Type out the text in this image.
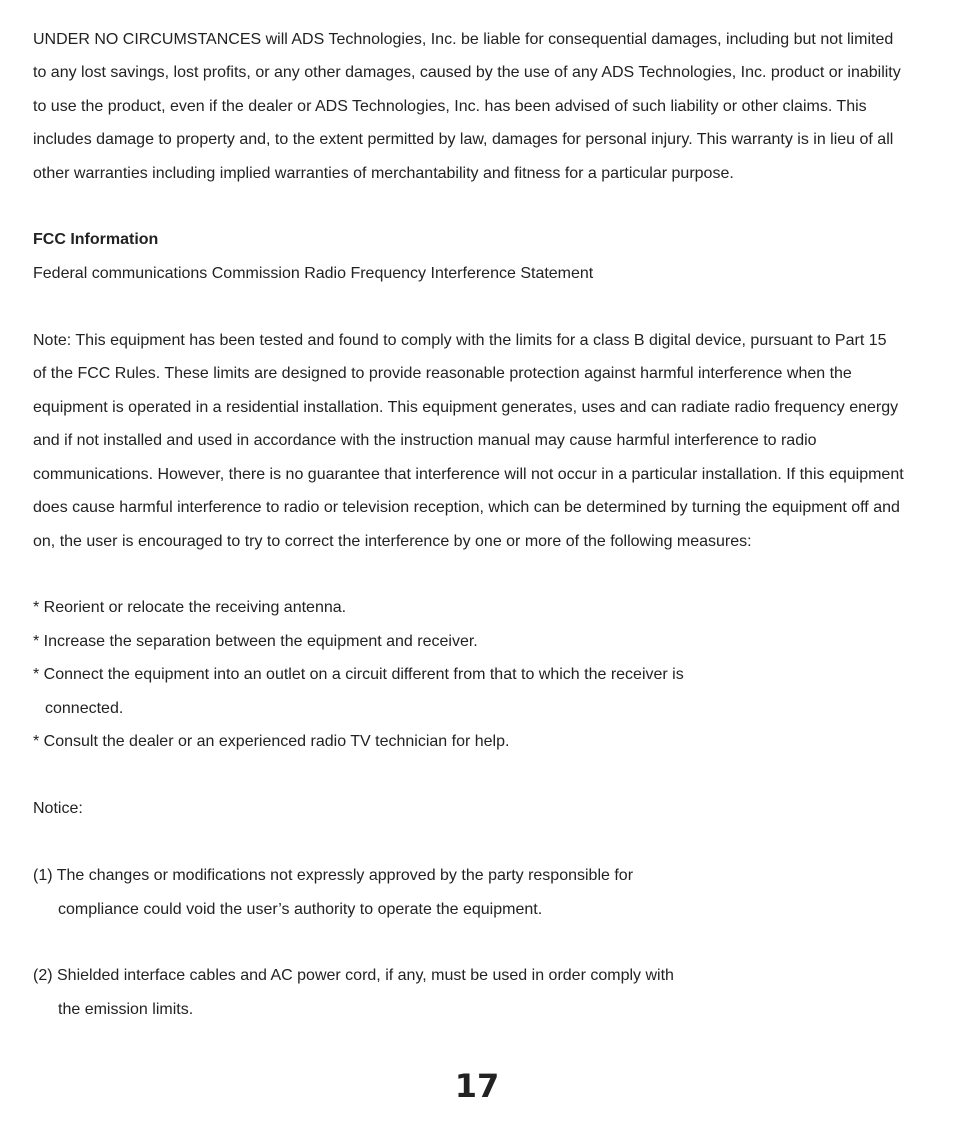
UNDER NO CIRCUMSTANCES will ADS Technologies, Inc. be liable for consequential damages, including but not limited

to any lost savings, lost profits, or any other damages, caused by the use of any ADS Technologies, Inc. product or inability

to use the product, even if the dealer or ADS Technologies, Inc. has been advised of such liability or other claims. This

includes damage to property and, to the extent permitted by law, damages for personal injury. This warranty is in lieu of all

other warranties including implied warranties of merchantability and fitness for a particular purpose.

FCC Information

Federal communications Commission Radio Frequency Interference Statement

Note: This equipment has been tested and found to comply with the limits for a class B digital device, pursuant to Part 15

of the FCC Rules. These limits are designed to provide reasonable protection against harmful interference when the

equipment is operated in a residential installation. This equipment generates, uses and can radiate radio frequency energy

and if not installed and used in accordance with the instruction manual may cause harmful interference to radio

communications. However, there is no guarantee that interference will not occur in a particular installation. If this equipment

does cause harmful interference to radio or television reception, which can be determined by turning the equipment off and

on, the user is encouraged to try to correct the interference by one or more of the following measures:

* Reorient or relocate the receiving antenna.

* Increase the separation between the equipment and receiver.

* Connect the equipment into an outlet on a circuit different from that to which the receiver is

connected.

* Consult the dealer or an experienced radio TV technician for help.

Notice:

(1) The changes or modifications not expressly approved by the party responsible for

compliance could void the user’s authority to operate the equipment.

(2) Shielded interface cables and AC power cord, if any, must be used in order comply with

the emission limits.

17
